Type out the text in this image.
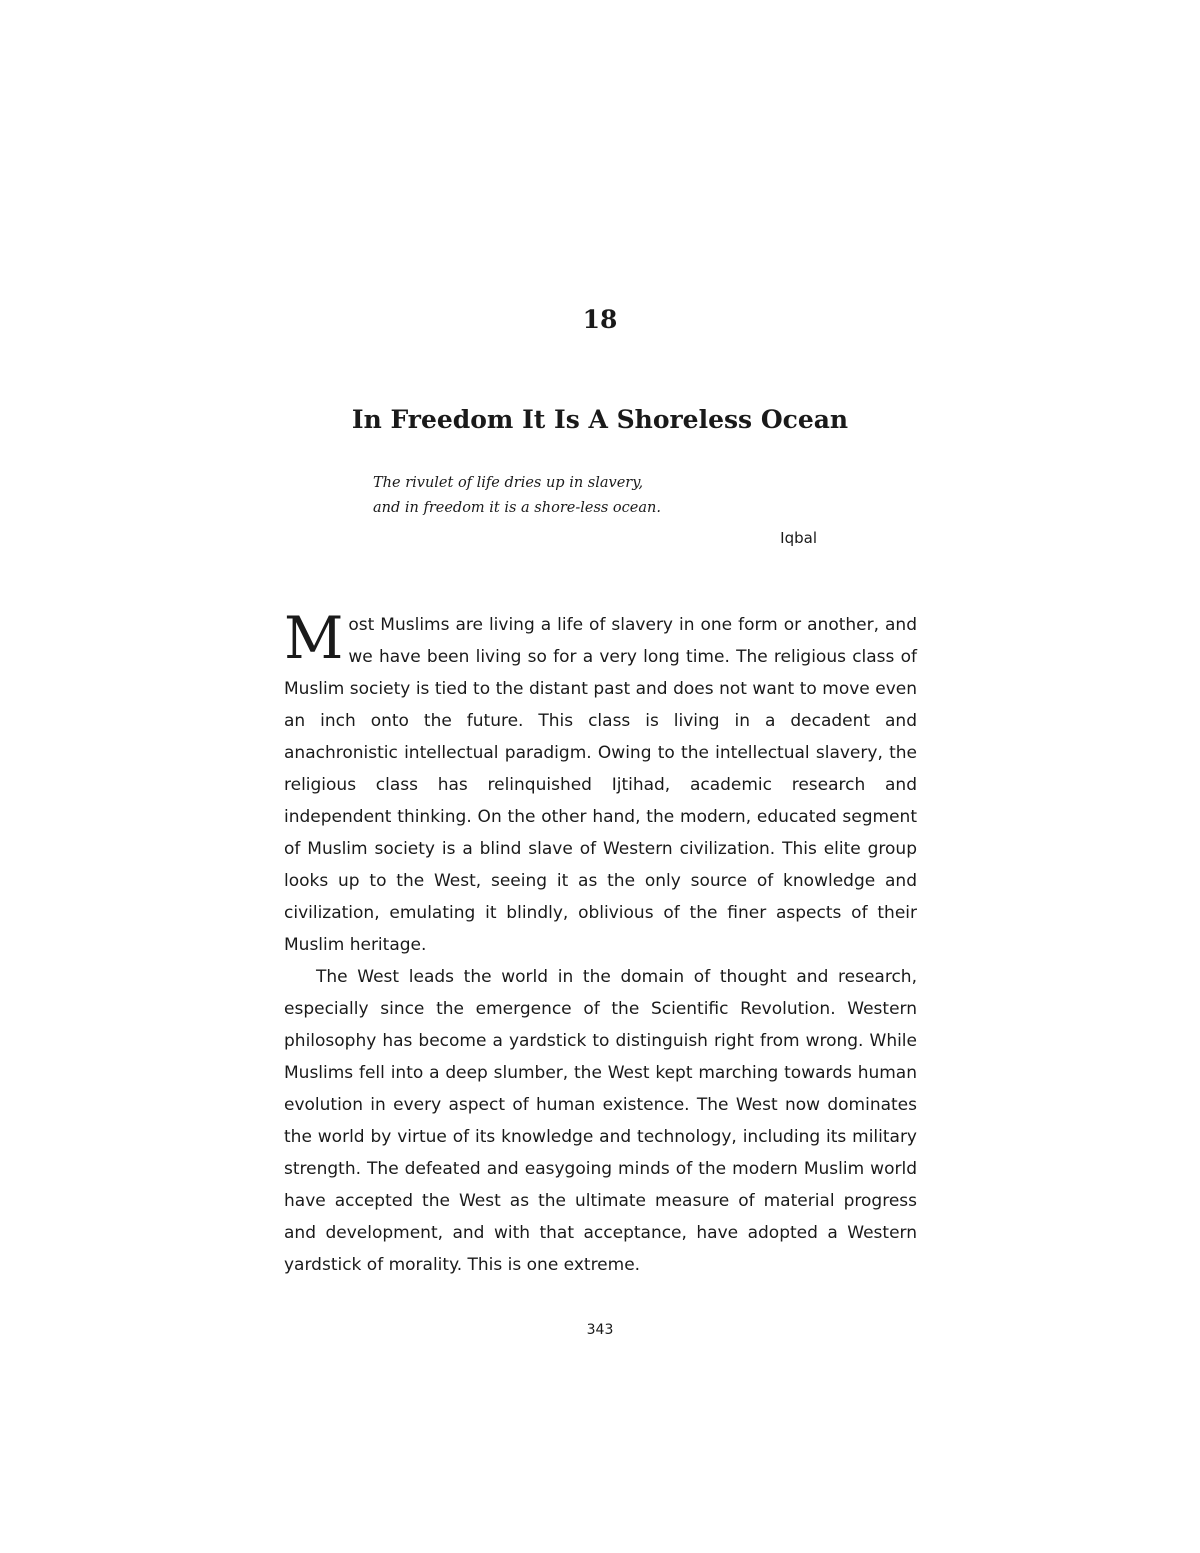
18
In Freedom It Is A Shoreless Ocean
The rivulet of life dries up in slavery,
and in freedom it is a shore-less ocean.
Iqbal

Most Muslims are living a life of slavery in one form or another, and we have been living so for a very long time. The religious class of Muslim society is tied to the distant past and does not want to move even an inch onto the future. This class is living in a decadent and anachronistic intellectual paradigm. Owing to the intellectual slavery, the religious class has relinquished Ijtihad, academic research and independent thinking. On the other hand, the modern, educated segment of Muslim society is a blind slave of Western civilization. This elite group looks up to the West, seeing it as the only source of knowledge and civilization, emulating it blindly, oblivious of the finer aspects of their Muslim heritage.

The West leads the world in the domain of thought and research, especially since the emergence of the Scientific Revolution. Western philosophy has become a yardstick to distinguish right from wrong. While Muslims fell into a deep slumber, the West kept marching towards human evolution in every aspect of human existence. The West now dominates the world by virtue of its knowledge and technology, including its military strength. The defeated and easygoing minds of the modern Muslim world have accepted the West as the ultimate measure of material progress and development, and with that acceptance, have adopted a Western yardstick of morality. This is one extreme.

343
